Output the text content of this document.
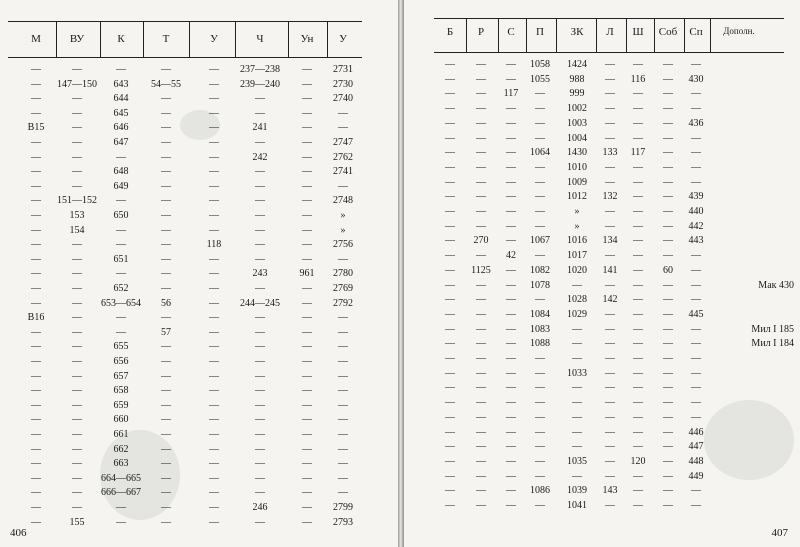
М	ВУ	К	Т	У	Ч	Ун	У
—	—	—	—	— 237—238 — 2731
— 147—150 643 54—55	— 239—240 — 2730
—	—	644	—	—	—	— 2740
—	—	645	—	—	—	—	—
B15	—	646	—	—	241	—	—
—	—	647	—	—	—	— 2747
—	—	—	—	—	242	— 2762
—	—	648	—	—	—	— 2741
—	—	649	—	—	—	—	—
— 151—152 —	—	—	—	— 2748
—	153	650	—	—	—	—	»
—	154	—	—	—	—	—	»
—	—	—	—	118	—	— 2756
—	—	651	—	—	—	—	—
—	—	—	—	—	243	961 2780
—	—	652	—	—	—	— 2769
—	— 653—654 56	— 244—245 — 2792
B16	—	—	—	—	—	—	—
—	—	—	57	—	—	—	—
—	—	655	—	—	—	—	—
—	—	656	—	—	—	—	—
—	—	657	—	—	—	—	—
—	—	658	—	—	—	—	—
—	—	659	—	—	—	—	—
—	—	660	—	—	—	—	—
—	—	661	—	—	—	—	—
—	—	662	—	—	—	—	—
—	—	663	—	—	—	—	—
—	— 664—665 —	—	—	—	—
—	— 666—667 —	—	—	—	—
—	—	—	—	—	246	— 2799
—	155	—	—	—	—	— 2793
406
Б	Р	С	П	ЗК	Л	Ш	Соб	Сп	Дополн.
— — — 1058 1424 — — — —
— — — 1055 988 — 116 — 430
— — 117 — 999 — — — —
— — — — 1002 — — — —
— — — — 1003 — — — 436
— — — — 1004 — — — —
— — — 1064 1430 133 117 — —
— — — — 1010 — — — —
— — — — 1009 — — — —
— — — — 1012 132 — — 439
— — — —	»	— — — 440
— — — —	»	— — — 442
— 270 — 1067 1016 134 — — 443
— — 42 — 1017 — — — —
— 1125 — 1082 1020 141 — 60 —
— — — 1078 — — — — —	Мак 430
— — — — 1028 142 — — —
— — — 1084 1029 — — — 445
— — — 1083 — — — — —	Мил I 185
— — — 1088 — — — — —	Мил I 184
— — — —	— — — — —
— — — — 1033 — — — —
— — — —	— — — — —
— — — —	— — — — —
— — — —	— — — — —
— — — —	— — — — 446
— — — —	— — — — 447
— — — — 1035 — 120 — 448
— — — —	— — — — 449
— — — 1086 1039 143 — — —
— — — — 1041 — — — —
407
